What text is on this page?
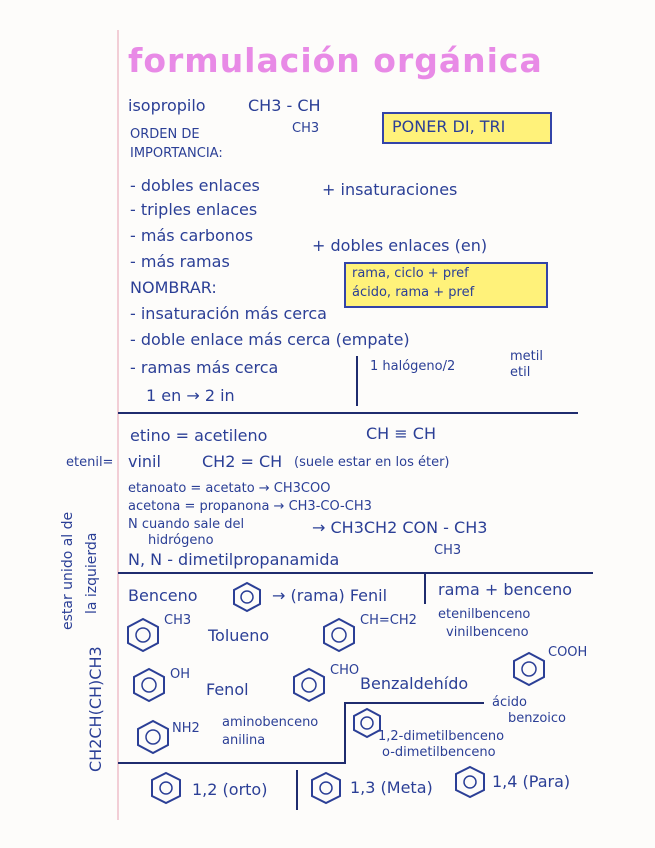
formulación orgánica
isopropilo	CH3 - CH
CH3	PONER DI, TRI
ORDEN DE
IMPORTANCIA:
- dobles enlaces
- triples enlaces
+ insaturaciones
- más carbonos
+ dobles enlaces (en)
- más ramas
rama, ciclo + pref
ácido, rama + pref
NOMBRAR:
- insaturación más cerca
- doble enlace más cerca (empate)
- ramas más cerca	1 halógeno/2
metil
etil
1 en → 2 in
etino = acetileno	CH ≡ CH
etenil= vinil	CH2 = CH (suele estar en los éter)
etanoato = acetato → CH3COO
acetona = propanona → CH3-CO-CH3
N cuando sale del
hidrógeno
→ CH3CH2 CON - CH3
CH3
N, N - dimetilpropanamida
estar unido al de la izquierda
CH2CH(CH)CH3
Benceno	→ (rama) Fenil	rama + benceno
CH3
Tolueno
CH=CH2 etenilbenceno
vinilbenceno
OH
Fenol
CHO
Benzaldehído
COOH
ácido
benzoico
NH2 aminobenceno
anilina	1,2-dimetilbenceno
o-dimetilbenceno
1,2 (orto)	1,3 (Meta)	1,4 (Para)
